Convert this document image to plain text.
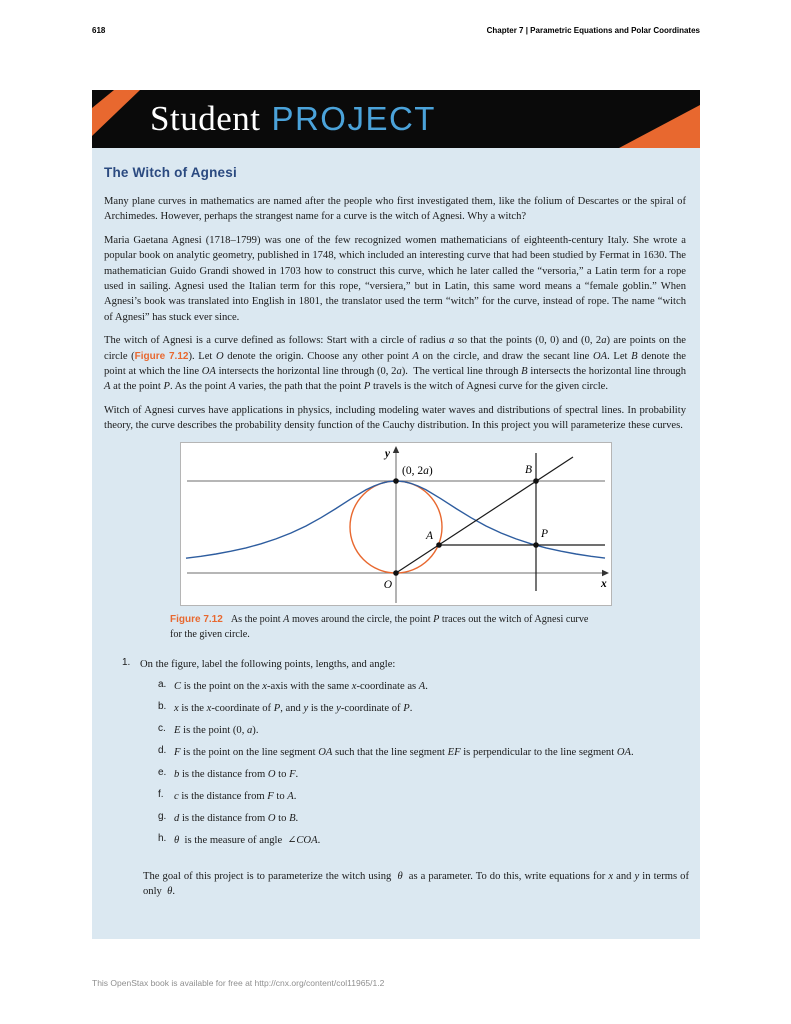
618	Chapter 7 | Parametric Equations and Polar Coordinates
Student PROJECT
The Witch of Agnesi

Many plane curves in mathematics are named after the people who first investigated them, like the folium of Descartes or the spiral of Archimedes. However, perhaps the strangest name for a curve is the witch of Agnesi. Why a witch?

Maria Gaetana Agnesi (1718–1799) was one of the few recognized women mathematicians of eighteenth-century Italy. She wrote a popular book on analytic geometry, published in 1748, which included an interesting curve that had been studied by Fermat in 1630. The mathematician Guido Grandi showed in 1703 how to construct this curve, which he later called the “versoria,” a Latin term for a rope used in sailing. Agnesi used the Italian term for this rope, “versiera,” but in Latin, this same word means a “female goblin.” When Agnesi’s book was translated into English in 1801, the translator used the term “witch” for the curve, instead of rope. The name “witch of Agnesi” has stuck ever since.

The witch of Agnesi is a curve defined as follows: Start with a circle of radius a so that the points (0, 0) and (0, 2a) are points on the circle (Figure 7.12). Let O denote the origin. Choose any other point A on the circle, and draw the secant line OA. Let B denote the point at which the line OA intersects the horizontal line through (0, 2a).  The vertical line through B intersects the horizontal line through A at the point P. As the point A varies, the path that the point P travels is the witch of Agnesi curve for the given circle.

Witch of Agnesi curves have applications in physics, including modeling water waves and distributions of spectral lines. In probability theory, the curve describes the probability density function of the Cauchy distribution. In this project you will parameterize these curves.

y
x
(0, 2a)	B
A	P
O
Figure 7.12 As the point A moves around the circle, the point P traces out the witch of Agnesi curve for the given circle.
1. On the figure, label the following points, lengths, and angle:
a. C is the point on the x-axis with the same x-coordinate as A.
b. x is the x-coordinate of P, and y is the y-coordinate of P.
c. E is the point (0, a).
d. F is the point on the line segment OA such that the line segment EF is perpendicular to the line segment OA.
e. b is the distance from O to F.
f. c is the distance from F to A.
g. d is the distance from O to B.
h. θ  is the measure of angle  ∠COA.
The goal of this project is to parameterize the witch using  θ  as a parameter. To do this, write equations for x and y in terms of only  θ.
This OpenStax book is available for free at http://cnx.org/content/col11965/1.2
